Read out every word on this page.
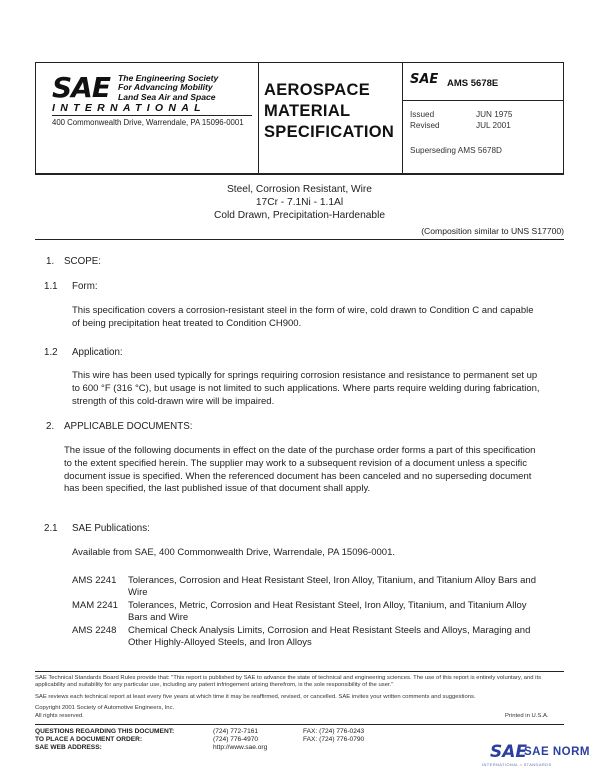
SAE The Engineering Society
For Advancing Mobility
Land Sea Air and Space
INTERNATIONAL
400 Commonwealth Drive, Warrendale, PA 15096-0001
AEROSPACE
MATERIAL
SPECIFICATION
SAE AMS 5678E
Issued	JUN 1975
Revised	JUL 2001
Superseding AMS 5678D
Steel, Corrosion Resistant, Wire
17Cr - 7.1Ni - 1.1Al
Cold Drawn, Precipitation-Hardenable
(Composition similar to UNS S17700)
1. SCOPE:
1.1 Form:
This specification covers a corrosion-resistant steel in the form of wire, cold drawn to Condition C and capable of being precipitation heat treated to Condition CH900.
1.2 Application:
This wire has been used typically for springs requiring corrosion resistance and resistance to permanent set up to 600 °F (316 °C), but usage is not limited to such applications. Where parts require welding during fabrication, strength of this cold-drawn wire will be impaired.
2. APPLICABLE DOCUMENTS:
The issue of the following documents in effect on the date of the purchase order forms a part of this specification to the extent specified herein. The supplier may work to a subsequent revision of a document unless a specific document issue is specified. When the referenced document has been canceled and no superseding document has been specified, the last published issue of that document shall apply.
2.1 SAE Publications:
Available from SAE, 400 Commonwealth Drive, Warrendale, PA 15096-0001.
AMS 2241 Tolerances, Corrosion and Heat Resistant Steel, Iron Alloy, Titanium, and Titanium Alloy Bars and Wire
MAM 2241 Tolerances, Metric, Corrosion and Heat Resistant Steel, Iron Alloy, Titanium, and Titanium Alloy Bars and Wire
AMS 2248 Chemical Check Analysis Limits, Corrosion and Heat Resistant Steels and Alloys, Maraging and Other Highly-Alloyed Steels, and Iron Alloys
SAE Technical Standards Board Rules provide that: "This report is published by SAE to advance the state of technical and engineering sciences. The use of this report is entirely voluntary, and its applicability and suitability for any particular use, including any patent infringement arising therefrom, is the sole responsibility of the user."
SAE reviews each technical report at least every five years at which time it may be reaffirmed, revised, or cancelled. SAE invites your written comments and suggestions.
Copyright 2001 Society of Automotive Engineers, Inc.
All rights reserved.	Printed in U.S.A.
QUESTIONS REGARDING THIS DOCUMENT:	(724) 772-7161	FAX: (724) 776-0243
TO PLACE A DOCUMENT ORDER:	(724) 776-4970	FAX: (724) 776-0790
SAE WEB ADDRESS:	http://www.sae.org	SAE
SAE NORM
INTERNATIONAL • STANDARDS
